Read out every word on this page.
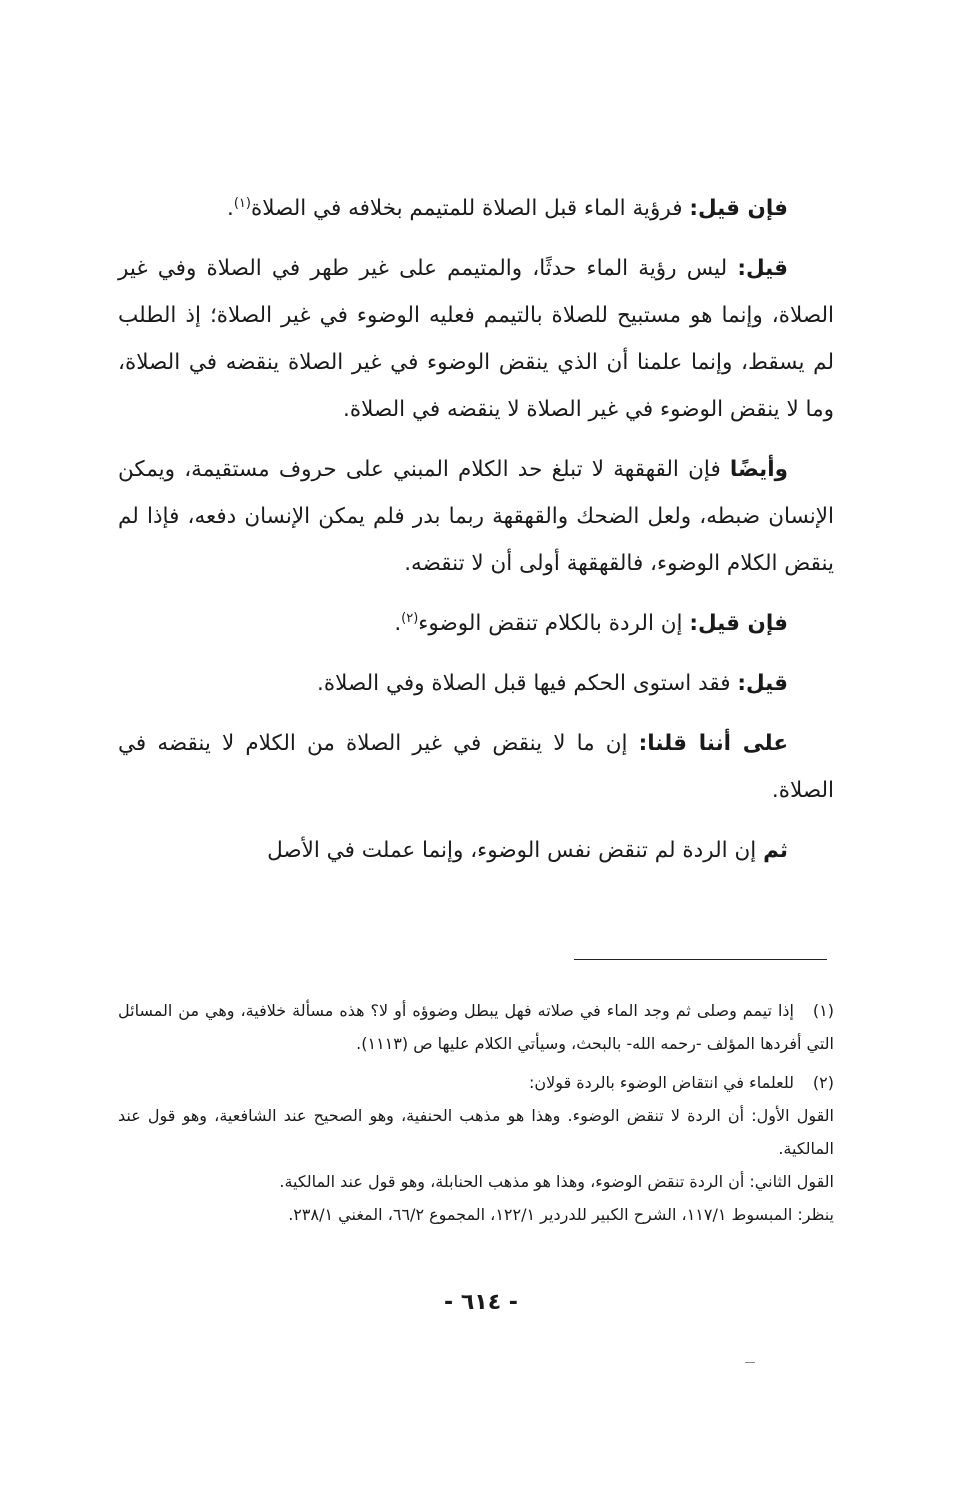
فإن قيل: فرؤية الماء قبل الصلاة للمتيمم بخلافه في الصلاة$^{(١)}$.

قيل: ليس رؤية الماء حدثًا، والمتيمم على غير طهر في الصلاة وفي غير الصلاة، وإنما هو مستبيح للصلاة بالتيمم فعليه الوضوء في غير الصلاة؛ إذ الطلب لم يسقط، وإنما علمنا أن الذي ينقض الوضوء في غير الصلاة ينقضه في الصلاة، وما لا ينقض الوضوء في غير الصلاة لا ينقضه في الصلاة.

وأيضًا فإن القهقهة لا تبلغ حد الكلام المبني على حروف مستقيمة، ويمكن الإنسان ضبطه، ولعل الضحك والقهقهة ربما بدر فلم يمكن الإنسان دفعه، فإذا لم ينقض الكلام الوضوء، فالقهقهة أولى أن لا تنقضه.

فإن قيل: إن الردة بالكلام تنقض الوضوء$^{(٢)}$.

قيل: فقد استوى الحكم فيها قبل الصلاة وفي الصلاة.

على أننا قلنا: إن ما لا ينقض في غير الصلاة من الكلام لا ينقضه في الصلاة.

ثم إن الردة لم تنقض نفس الوضوء، وإنما عملت في الأصل

(١)إذا تيمم وصلى ثم وجد الماء في صلاته فهل يبطل وضوؤه أو لا؟ هذه مسألة خلافية، وهي من المسائل التي أفردها المؤلف -رحمه الله- بالبحث، وسيأتي الكلام عليها ص (١١١٣).

(٢)للعلماء في انتقاض الوضوء بالردة قولان:

القول الأول: أن الردة لا تنقض الوضوء. وهذا هو مذهب الحنفية، وهو الصحيح عند الشافعية، وهو قول عند المالكية.

القول الثاني: أن الردة تنقض الوضوء، وهذا هو مذهب الحنابلة، وهو قول عند المالكية.

ينظر: المبسوط ١١٧/١، الشرح الكبير للدردير ١٢٢/١، المجموع ٦٦/٢، المغني ٢٣٨/١.

- ٦١٤ -
